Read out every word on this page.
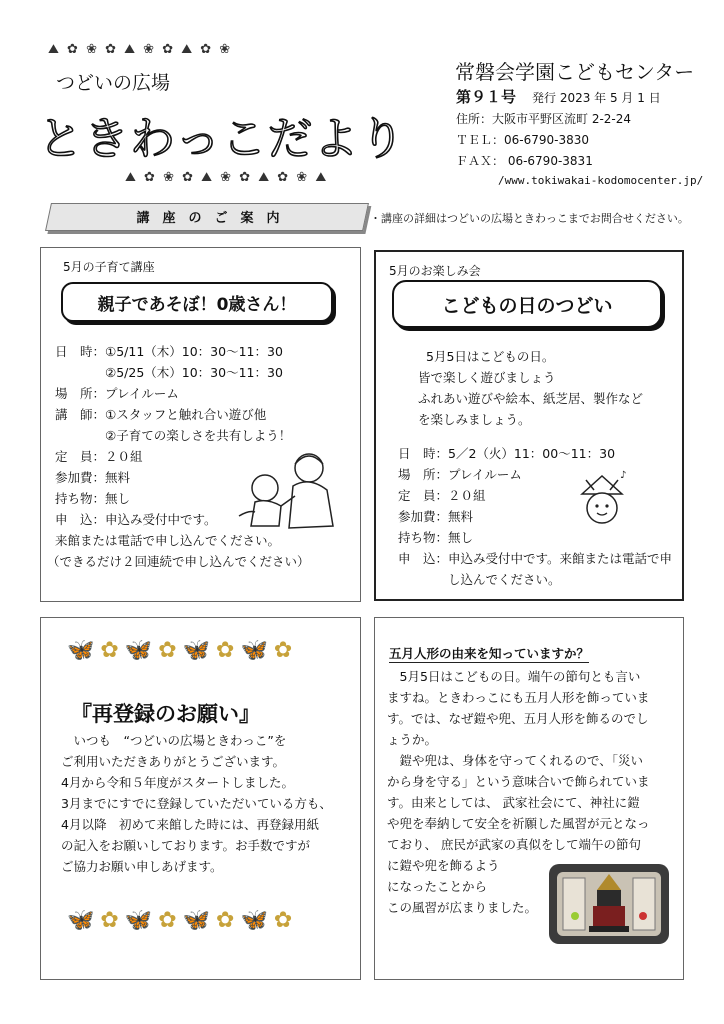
⛰ ✿ ❀ ✿ ⛰ ❀ ✿ ⛰ ✿ ❀
つどいの広場
ときわっこだより
⛰ ✿ ❀ ✿ ⛰ ❀ ✿ ⛰ ✿ ❀ ⛰
常磐会学園こどもセンター
第９１号 発行 2023 年 5 月 1 日
住所：大阪市平野区流町 2-2-24
ＴＥＬ：06-6790-3830
ＦＡＸ： 06-6790-3831
/www.tokiwakai-kodomocenter.jp/
講　座　の　ご　案　内	・講座の詳細はつどいの広場ときわっこまでお問合せください。
5月の子育て講座
親子であそぼ！0歳さん！
日　時：①5/11（木）10：30～11：30
　　　　②5/25（木）10：30～11：30
場　所：プレイルーム
講　師：①スタッフと触れ合い遊び他
　　　　②子育ての楽しさを共有しよう！
定　員：２０組
参加費：無料
持ち物：無し
申　込：申込み受付中です。
来館または電話で申し込んでください。
（できるだけ２回連続で申し込んでください）
5月のお楽しみ会
こどもの日のつどい
5月5日はこどもの日。
皆で楽しく遊びましょう
ふれあい遊びや絵本、紙芝居、製作など
を楽しみましょう。
日　時：5／2（火）11：00～11：30
場　所：プレイルーム
定　員：２０組
参加費：無料
持ち物：無し
申　込：申込み受付中です。来館または電話で申
　　　　し込んでください。
♪
🦋✿🦋✿🦋✿🦋✿
『再登録のお願い』
　いつも　“つどいの広場ときわっこ”を
ご利用いただきありがとうございます。
4月から令和５年度がスタートしました。
3月までにすでに登録していただいている方も、
4月以降　初めて来館した時には、再登録用紙
の記入をお願いしております。お手数ですが
ご協力お願い申しあげます。
🦋✿🦋✿🦋✿🦋✿
五月人形の由来を知っていますか？
　5月5日はこどもの日。端午の節句とも言い
ますね。ときわっこにも五月人形を飾っていま
す。では、なぜ鎧や兜、五月人形を飾るのでし
ょうか。
　鎧や兜は、身体を守ってくれるので、「災い
から身を守る」という意味合いで飾られていま
す。由来としては、 武家社会にて、神社に鎧
や兜を奉納して安全を祈願した風習が元となっ
ており、 庶民が武家の真似をして端午の節句
に鎧や兜を飾るよう
になったことから
この風習が広まりました。
